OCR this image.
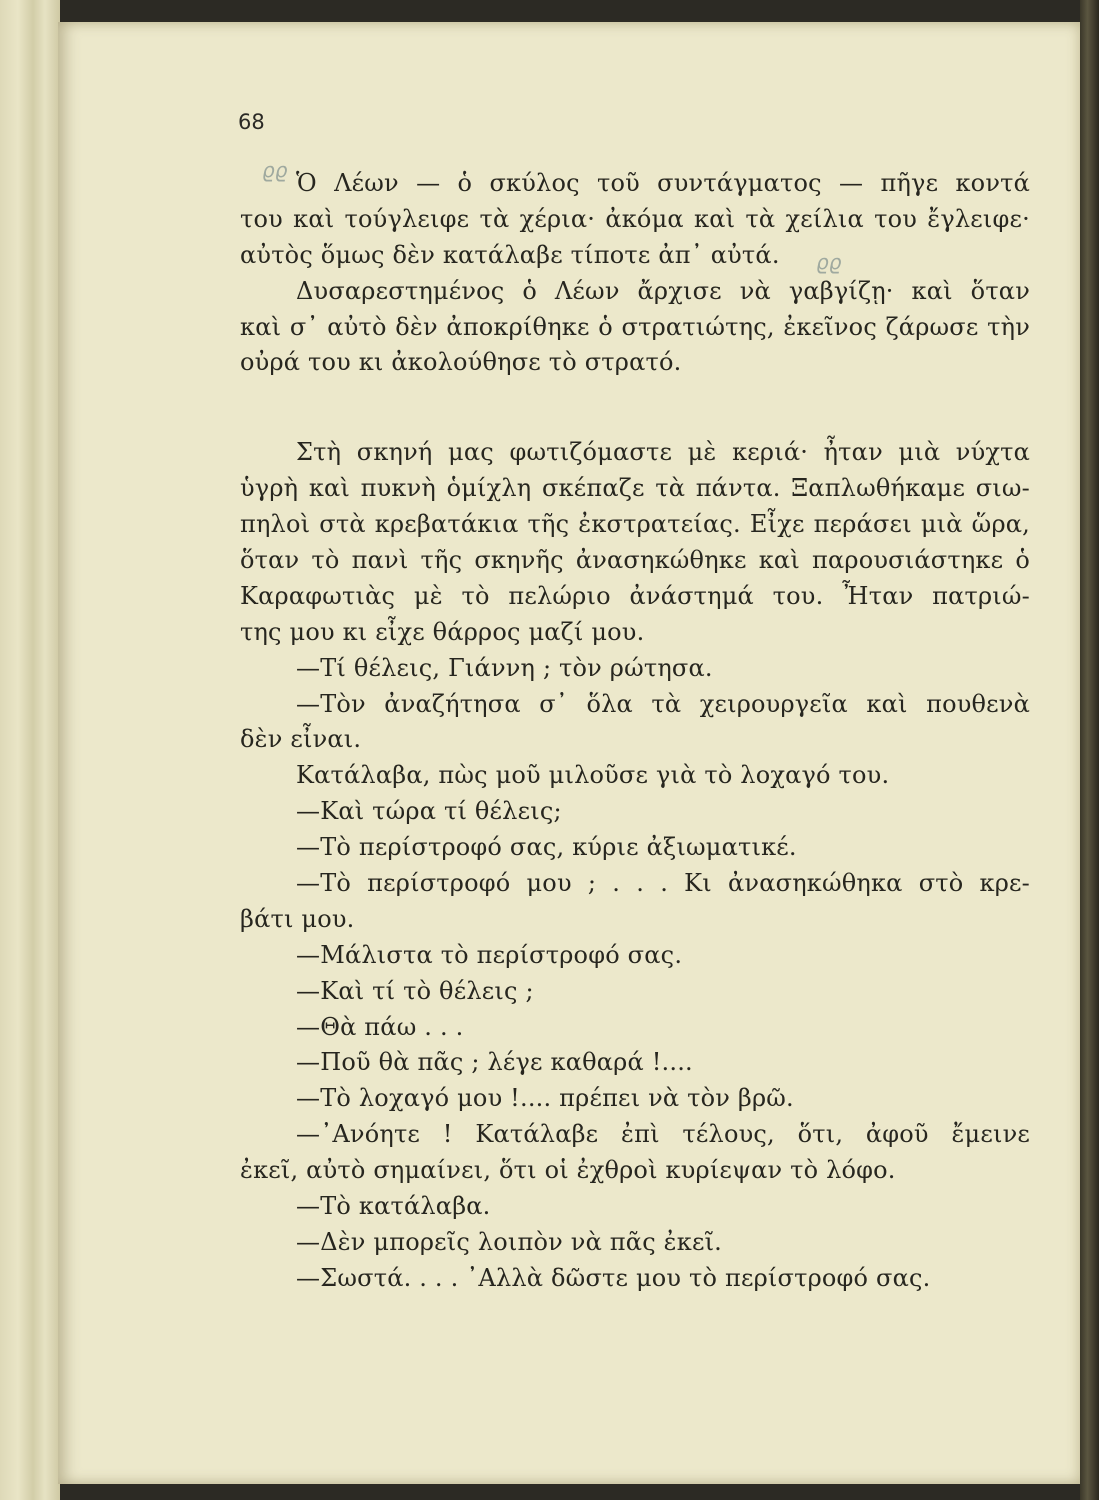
68
ϱϱ
ϱϱ
Ὁ Λέων — ὁ σκύλος τοῦ συντάγματος — πῆγε κοντά
του καὶ τούγλειφε τὰ χέρια· ἀκόμα καὶ τὰ χείλια του ἔγλειφε·
αὐτὸς ὅμως δὲν κατάλαβε τίποτε ἀπ᾿ αὐτά.
Δυσαρεστημένος ὁ Λέων ἄρχισε νὰ γαβγίζῃ· καὶ ὅταν
καὶ σ᾿ αὐτὸ δὲν ἀποκρίθηκε ὁ στρατιώτης, ἐκεῖνος ζάρωσε τὴν
οὐρά του κι ἀκολούθησε τὸ στρατό.
Στὴ σκηνή μας φωτιζόμαστε μὲ κεριά· ἦταν μιὰ νύχτα
ὑγρὴ καὶ πυκνὴ ὁμίχλη σκέπαζε τὰ πάντα. Ξαπλωθήκαμε σιω-
πηλοὶ στὰ κρεβατάκια τῆς ἐκστρατείας. Εἶχε περάσει μιὰ ὥρα,
ὅταν τὸ πανὶ τῆς σκηνῆς ἀνασηκώθηκε καὶ παρουσιάστηκε ὁ
Καραφωτιὰς μὲ τὸ πελώριο ἀνάστημά του. Ἦταν πατριώ-
της μου κι εἶχε θάρρος μαζί μου.
—Τί θέλεις, Γιάννη ; τὸν ρώτησα.
—Τὸν ἀναζήτησα σ᾿ ὅλα τὰ χειρουργεῖα καὶ πουθενὰ
δὲν εἶναι.
Κατάλαβα, πὼς μοῦ μιλοῦσε γιὰ τὸ λοχαγό του.
—Καὶ τώρα τί θέλεις;
—Τὸ περίστροφό σας, κύριε ἀξιωματικέ.
—Τὸ περίστροφό μου ; . . . Κι ἀνασηκώθηκα στὸ κρε-
βάτι μου.
—Μάλιστα τὸ περίστροφό σας.
—Καὶ τί τὸ θέλεις ;
—Θὰ πάω . . .
—Ποῦ θὰ πᾶς ; λέγε καθαρά !....
—Τὸ λοχαγό μου !.... πρέπει νὰ τὸν βρῶ.
—᾿Ανόητε ! Κατάλαβε ἐπὶ τέλους, ὅτι, ἀφοῦ ἔμεινε
ἐκεῖ, αὐτὸ σημαίνει, ὅτι οἱ ἐχθροὶ κυρίεψαν τὸ λόφο.
—Τὸ κατάλαβα.
—Δὲν μπορεῖς λοιπὸν νὰ πᾶς ἐκεῖ.
—Σωστά. . . . ᾿Αλλὰ δῶστε μου τὸ περίστροφό σας.
